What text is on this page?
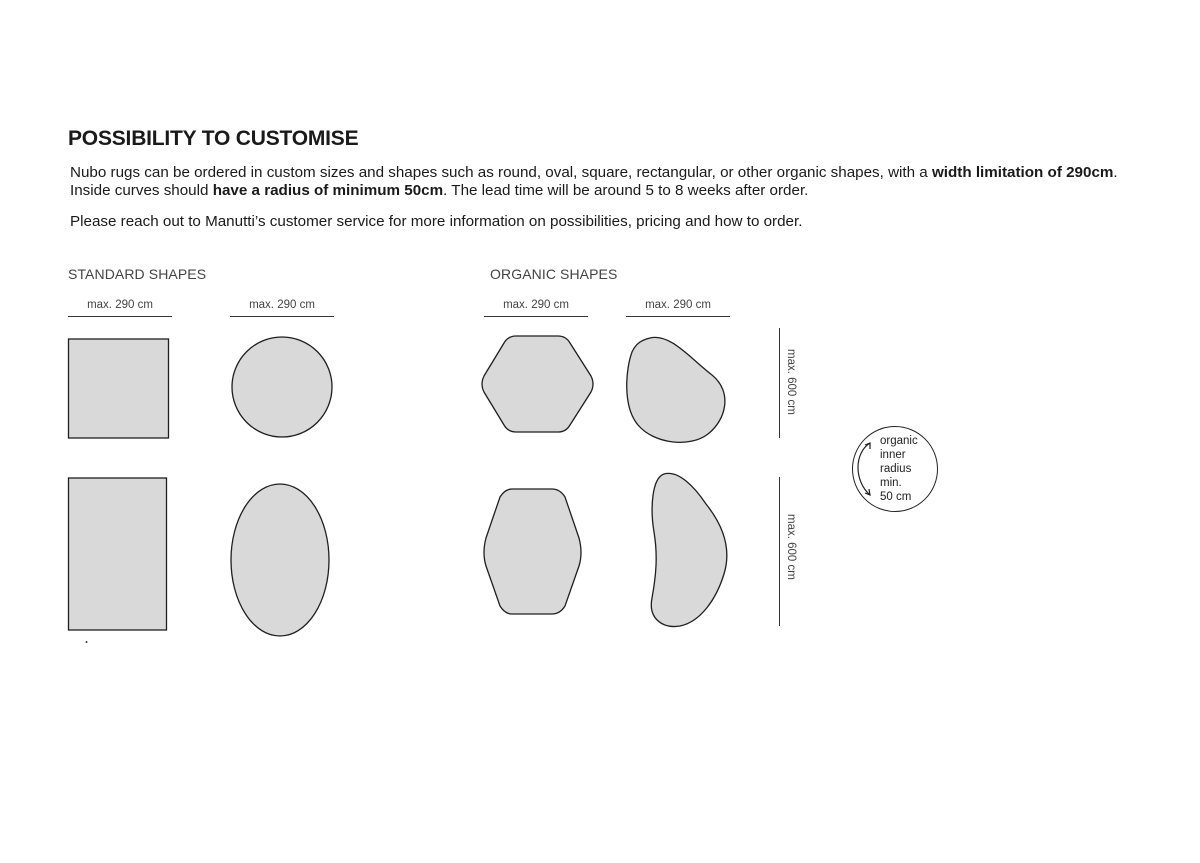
POSSIBILITY TO CUSTOMISE
Nubo rugs can be ordered in custom sizes and shapes such as round, oval, square, rectangular, or other organic shapes, with a width limitation of 290cm.
Inside curves should have a radius of minimum 50cm. The lead time will be around 5 to 8 weeks after order.
Please reach out to Manutti’s customer service for more information on possibilities, pricing and how to order.
STANDARD SHAPES	ORGANIC SHAPES
max. 290 cm	max. 290 cm	max. 290 cm	max. 290 cm
max. 600 cm
max. 600 cm
organic
inner
radius
min.
50 cm
